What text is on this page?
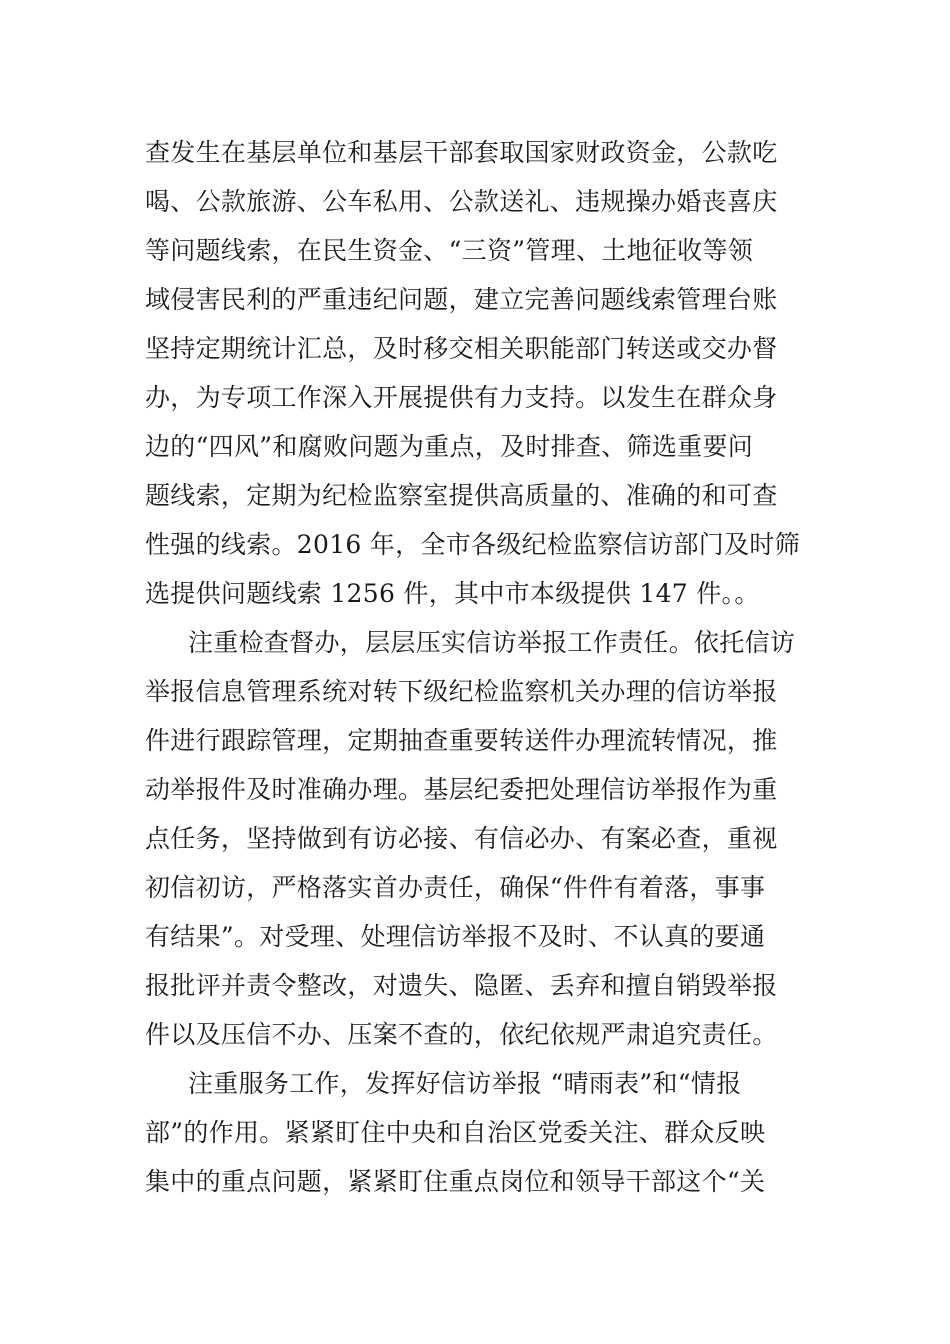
查发生在基层单位和基层干部套取国家财政资金，公款吃
喝、公款旅游、公车私用、公款送礼、违规操办婚丧喜庆
等问题线索，在民生资金、“三资”管理、土地征收等领
域侵害民利的严重违纪问题，建立完善问题线索管理台账
坚持定期统计汇总，及时移交相关职能部门转送或交办督
办，为专项工作深入开展提供有力支持。以发生在群众身
边的“四风”和腐败问题为重点，及时排查、筛选重要问
题线索，定期为纪检监察室提供高质量的、准确的和可查
性强的线索。2016 年，全市各级纪检监察信访部门及时筛
选提供问题线索 1256 件，其中市本级提供 147 件。。
注重检查督办，层层压实信访举报工作责任。依托信访
举报信息管理系统对转下级纪检监察机关办理的信访举报
件进行跟踪管理，定期抽查重要转送件办理流转情况，推
动举报件及时准确办理。基层纪委把处理信访举报作为重
点任务，坚持做到有访必接、有信必办、有案必查，重视
初信初访，严格落实首办责任，确保“件件有着落，事事
有结果”。对受理、处理信访举报不及时、不认真的要通
报批评并责令整改，对遗失、隐匿、丢弃和擅自销毁举报
件以及压信不办、压案不查的，依纪依规严肃追究责任。
注重服务工作，发挥好信访举报 “晴雨表”和“情报
部”的作用。紧紧盯住中央和自治区党委关注、群众反映
集中的重点问题，紧紧盯住重点岗位和领导干部这个“关
